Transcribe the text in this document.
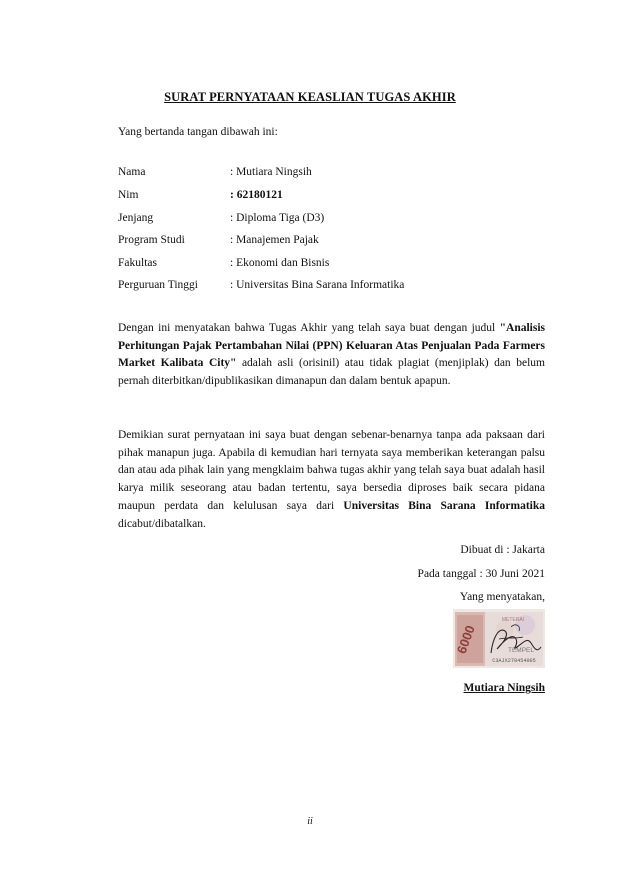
SURAT PERNYATAAN KEASLIAN TUGAS AKHIR
Yang bertanda tangan dibawah ini:
Nama	: Mutiara Ningsih
Nim	: 62180121
Jenjang	: Diploma Tiga (D3)
Program Studi	: Manajemen Pajak
Fakultas	: Ekonomi dan Bisnis
Perguruan Tinggi	: Universitas Bina Sarana Informatika
Dengan ini menyatakan bahwa Tugas Akhir yang telah saya buat dengan judul "Analisis Perhitungan Pajak Pertambahan Nilai (PPN) Keluaran Atas Penjualan Pada Farmers Market Kalibata City" adalah asli (orisinil) atau tidak plagiat (menjiplak) dan belum pernah diterbitkan/dipublikasikan dimanapun dan dalam bentuk apapun.
Demikian surat pernyataan ini saya buat dengan sebenar-benarnya tanpa ada paksaan dari pihak manapun juga. Apabila di kemudian hari ternyata saya memberikan keterangan palsu dan atau ada pihak lain yang mengklaim bahwa tugas akhir yang telah saya buat adalah hasil karya milik seseorang atau badan tertentu, saya bersedia diproses baik secara pidana maupun perdata dan kelulusan saya dari Universitas Bina Sarana Informatika dicabut/dibatalkan.
Dibuat di : Jakarta
Pada tanggal : 30 Juni 2021
Yang menyatakan,
6000
METERAI
TEMPEL
C3AJX278454005
Mutiara Ningsih
ii
